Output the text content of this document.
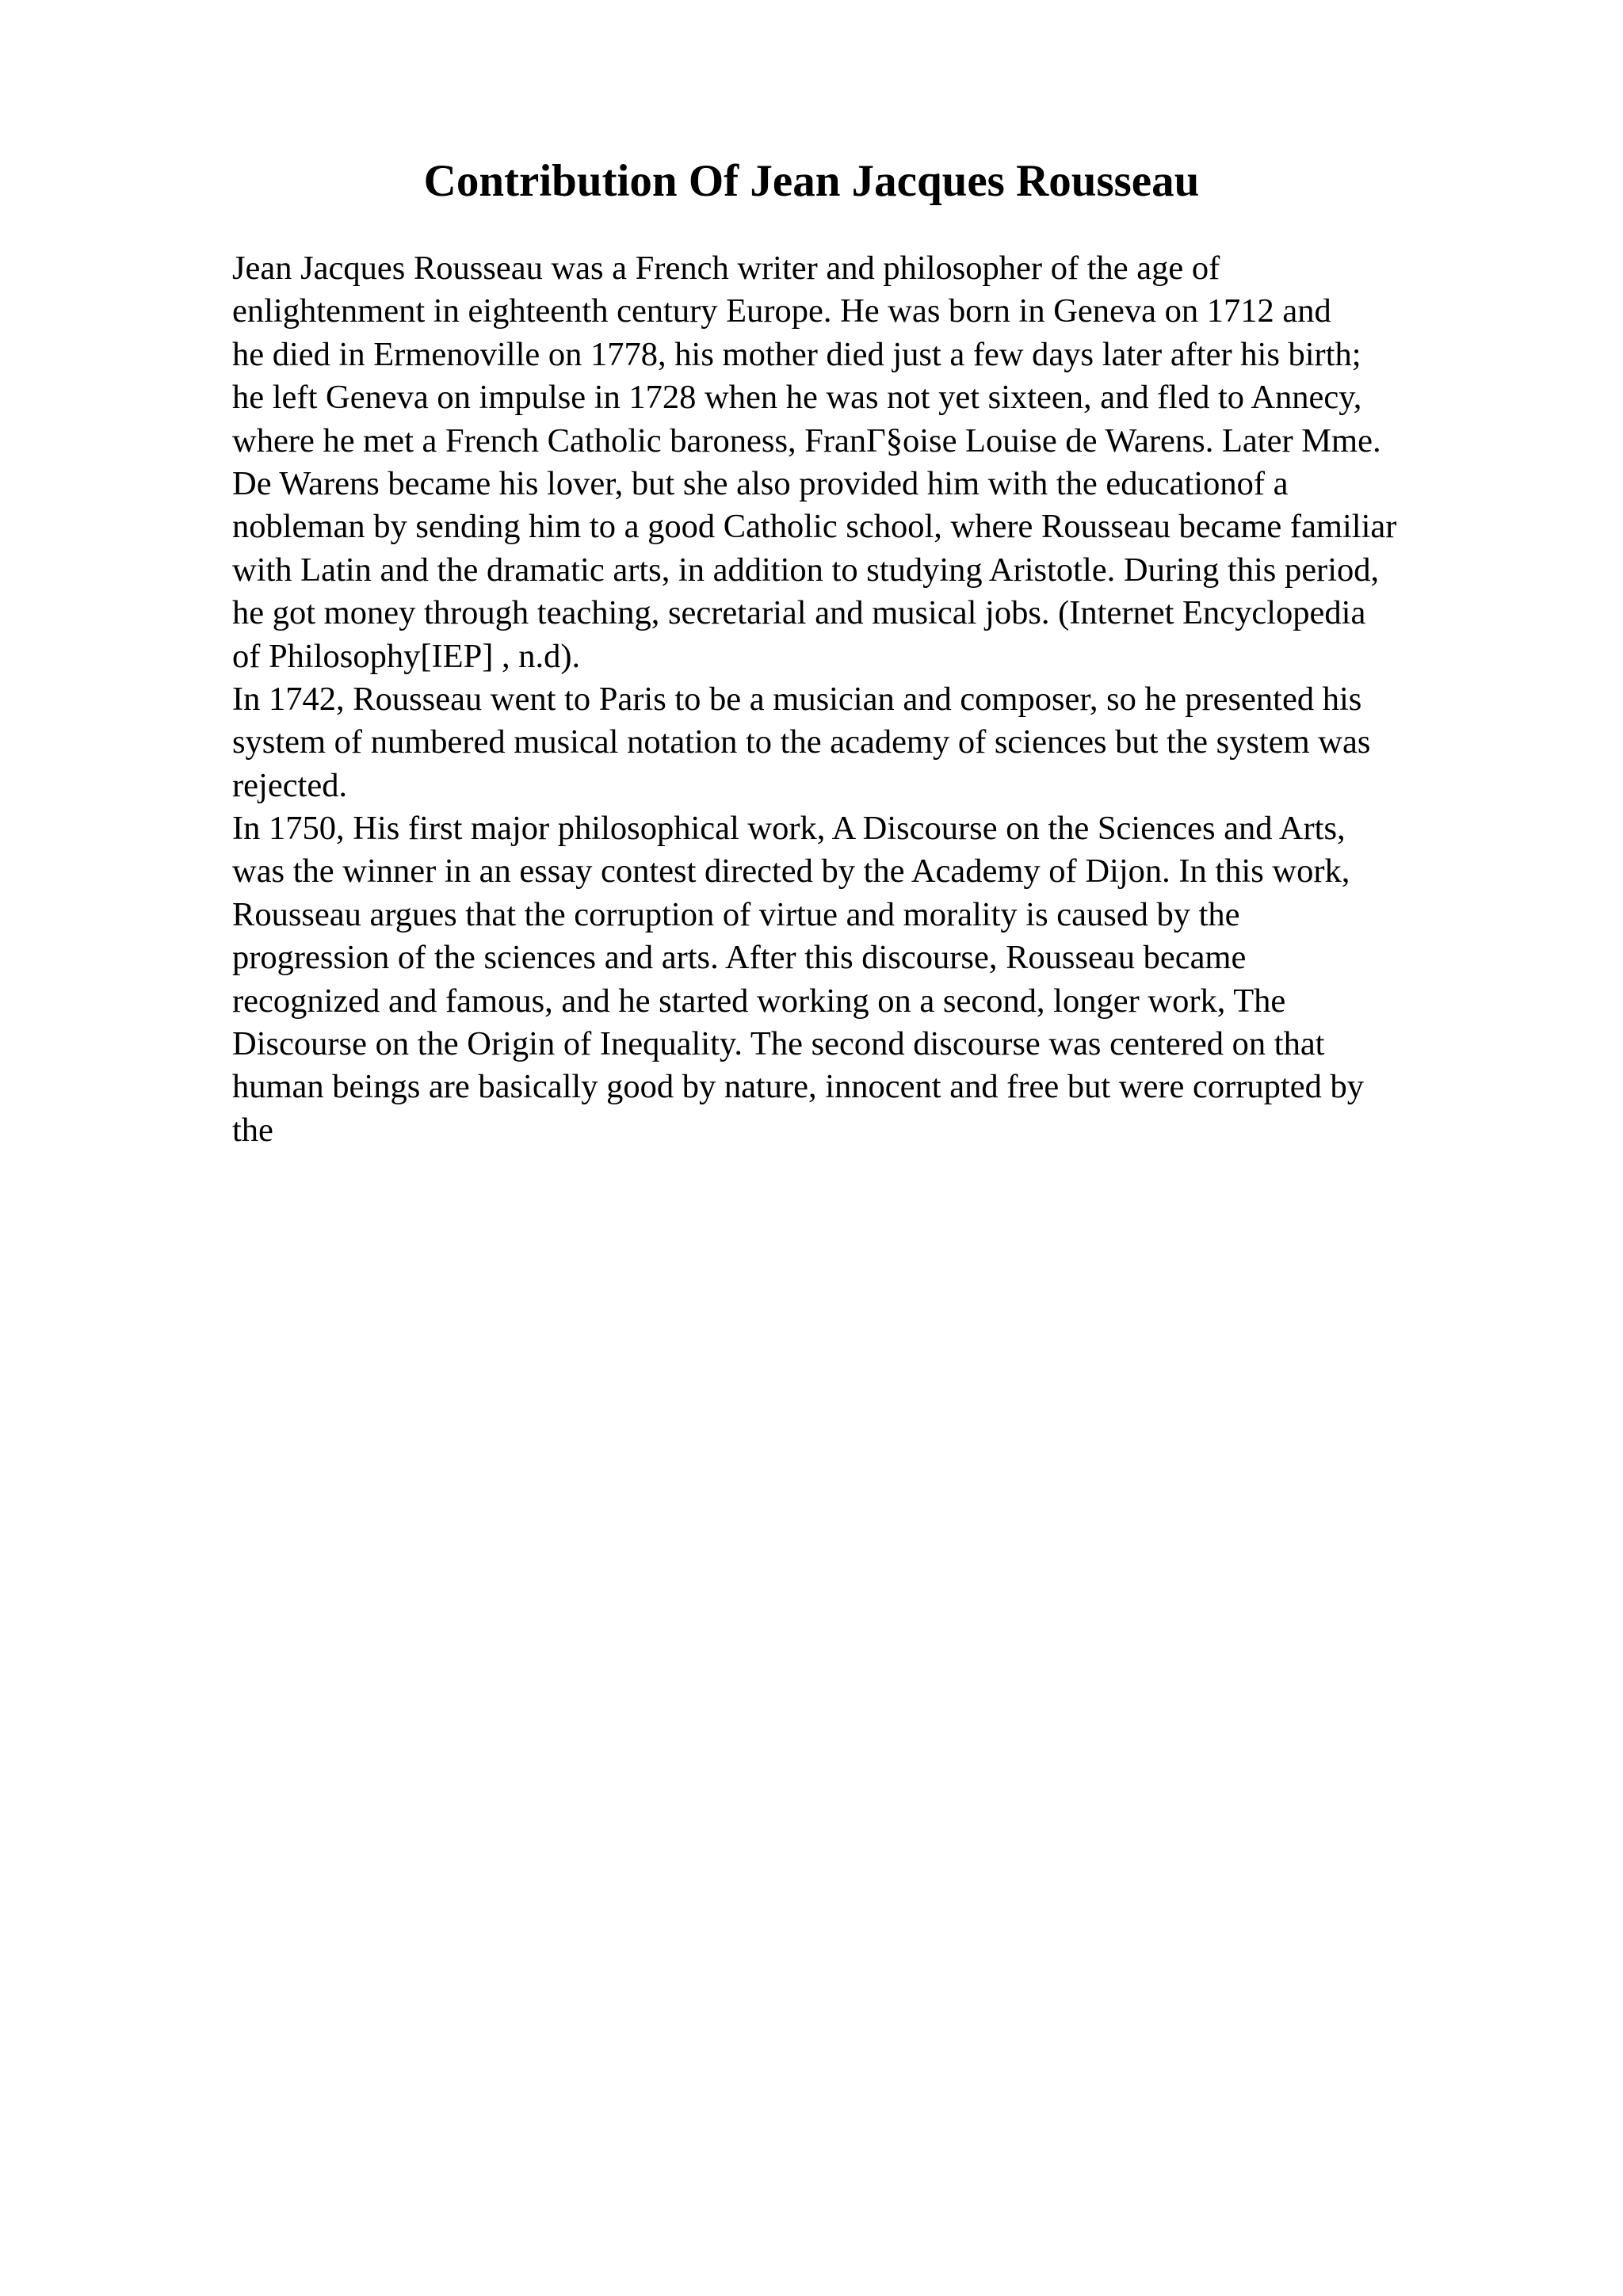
Contribution Of Jean Jacques Rousseau
Jean Jacques Rousseau was a French writer and philosopher of the age of
enlightenment in eighteenth century Europe. He was born in Geneva on 1712 and
he died in Ermenoville on 1778, his mother died just a few days later after his birth;
he left Geneva on impulse in 1728 when he was not yet sixteen, and fled to Annecy,
where he met a French Catholic baroness, FranГ§oise Louise de Warens. Later Mme.
De Warens became his lover, but she also provided him with the educationof a
nobleman by sending him to a good Catholic school, where Rousseau became familiar
with Latin and the dramatic arts, in addition to studying Aristotle. During this period,
he got money through teaching, secretarial and musical jobs. (Internet Encyclopedia
of Philosophy[IEP] , n.d).
In 1742, Rousseau went to Paris to be a musician and composer, so he presented his
system of numbered musical notation to the academy of sciences but the system was
rejected.
In 1750, His first major philosophical work, A Discourse on the Sciences and Arts,
was the winner in an essay contest directed by the Academy of Dijon. In this work,
Rousseau argues that the corruption of virtue and morality is caused by the
progression of the sciences and arts. After this discourse, Rousseau became
recognized and famous, and he started working on a second, longer work, The
Discourse on the Origin of Inequality. The second discourse was centered on that
human beings are basically good by nature, innocent and free but were corrupted by
the
